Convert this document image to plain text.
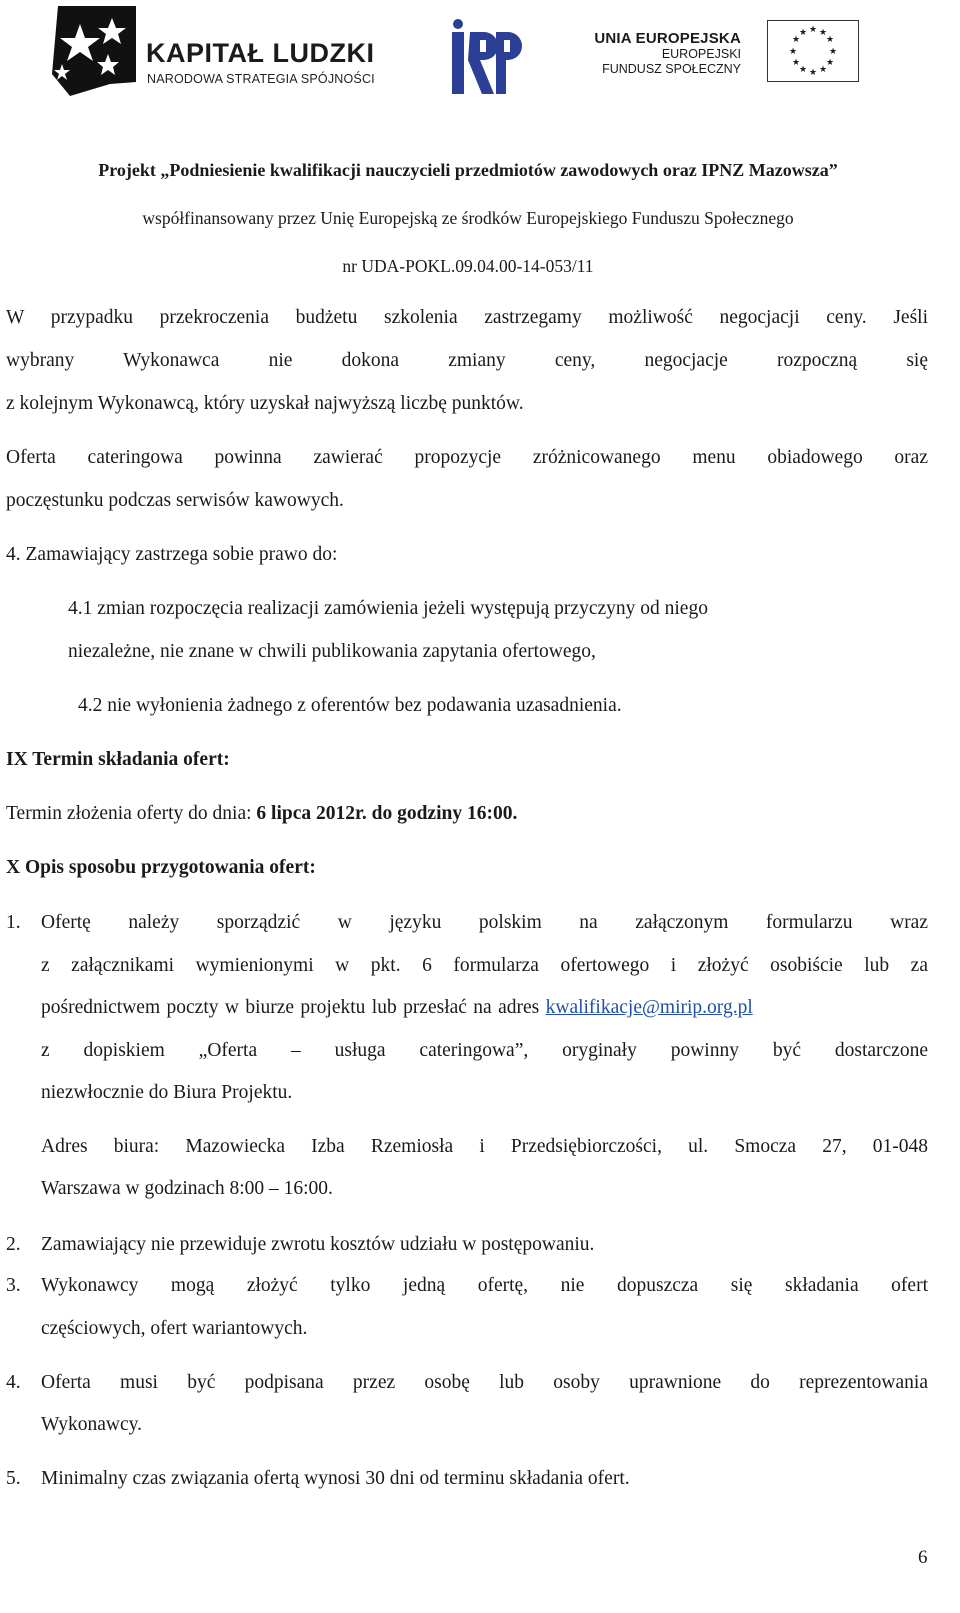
KAPITAŁ LUDZKI
NARODOWA STRATEGIA SPÓJNOŚCI
UNIA EUROPEJSKA
EUROPEJSKI
FUNDUSZ SPOŁECZNY
★ ★
★
★
★
★
★
★
★
★
★
★
Projekt „Podniesienie kwalifikacji nauczycieli przedmiotów zawodowych oraz IPNZ Mazowsza”
współfinansowany przez Unię Europejską ze środków Europejskiego Funduszu Społecznego
nr UDA-POKL.09.04.00-14-053/11
W przypadku przekroczenia budżetu szkolenia zastrzegamy możliwość negocjacji ceny. Jeśli
wybrany Wykonawca nie dokona zmiany ceny, negocjacje rozpoczną się
z kolejnym Wykonawcą, który uzyskał najwyższą liczbę punktów.
Oferta cateringowa powinna zawierać propozycje zróżnicowanego menu obiadowego oraz
poczęstunku podczas serwisów kawowych.
4. Zamawiający zastrzega sobie prawo do:
4.1 zmian rozpoczęcia realizacji zamówienia jeżeli występują przyczyny od niego
niezależne, nie znane w chwili publikowania zapytania ofertowego,
4.2 nie wyłonienia żadnego z oferentów bez podawania uzasadnienia.
IX Termin składania ofert:
Termin złożenia oferty do dnia: 6 lipca 2012r. do godziny 16:00.
X Opis sposobu przygotowania ofert:
1. Ofertę należy sporządzić w języku polskim na załączonym formularzu wraz
z załącznikami wymienionymi w pkt. 6 formularza ofertowego i złożyć osobiście lub za
pośrednictwem poczty w biurze projektu lub przesłać na adres kwalifikacje@mirip.org.pl
z dopiskiem „Oferta – usługa cateringowa”, oryginały powinny być dostarczone
niezwłocznie do Biura Projektu.
Adres biura: Mazowiecka Izba Rzemiosła i Przedsiębiorczości, ul. Smocza 27, 01-048
Warszawa w godzinach 8:00 – 16:00.
2. Zamawiający nie przewiduje zwrotu kosztów udziału w postępowaniu.
3. Wykonawcy mogą złożyć tylko jedną ofertę, nie dopuszcza się składania ofert
częściowych, ofert wariantowych.
4. Oferta musi być podpisana przez osobę lub osoby uprawnione do reprezentowania
Wykonawcy.
5. Minimalny czas związania ofertą wynosi 30 dni od terminu składania ofert.
6
